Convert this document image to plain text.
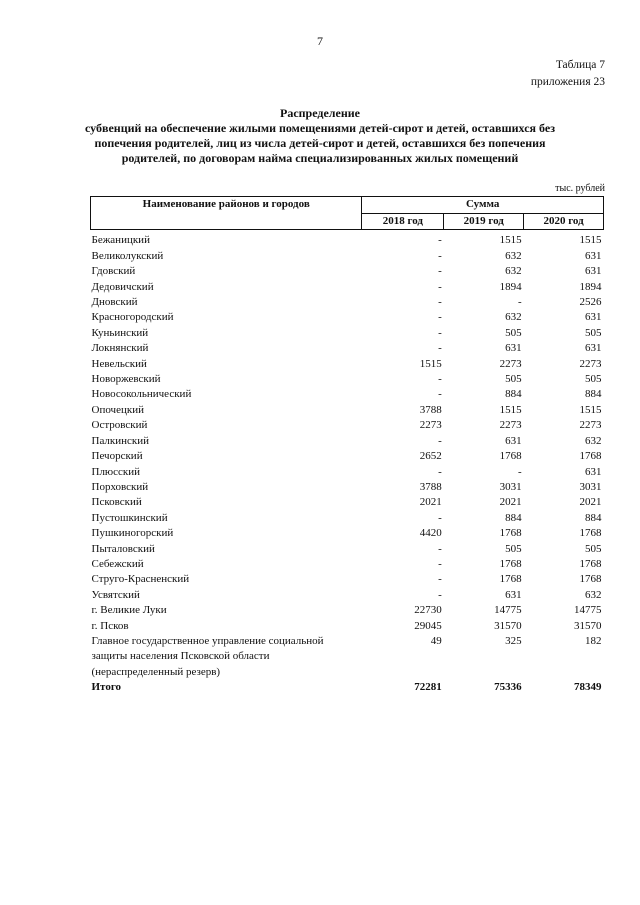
7
Таблица 7
приложения 23
Распределение
субвенций на обеспечение жилыми помещениями детей-сирот и детей, оставшихся без попечения родителей, лиц из числа детей-сирот и детей, оставшихся без попечения родителей, по договорам найма специализированных жилых помещений
тыс. рублей
Наименование районов и городов	Сумма		
	2018 год	2019 год	2020 год

Бежаницкий	-	1515	1515
Великолукский	-	632	631
Гдовский	-	632	631
Дедовичский	-	1894	1894
Дновский	-	-	2526
Красногородский	-	632	631
Куньинский	-	505	505
Локнянский	-	631	631
Невельский	1515	2273	2273
Новоржевский	-	505	505
Новосокольнический	-	884	884
Опочецкий	3788	1515	1515
Островский	2273	2273	2273
Палкинский	-	631	632
Печорский	2652	1768	1768
Плюсский	-	-	631
Порховский	3788	3031	3031
Псковский	2021	2021	2021
Пустошкинский	-	884	884
Пушкиногорский	4420	1768	1768
Пыталовский	-	505	505
Себежский	-	1768	1768
Струго-Красненский	-	1768	1768
Усвятский	-	631	632
г. Великие Луки	22730	14775	14775
г. Псков	29045	31570	31570

Главное государственное управление социальной
защиты населения Псковской области
(нераспределенный резерв)	49	325	182
Итого	72281	75336	78349
